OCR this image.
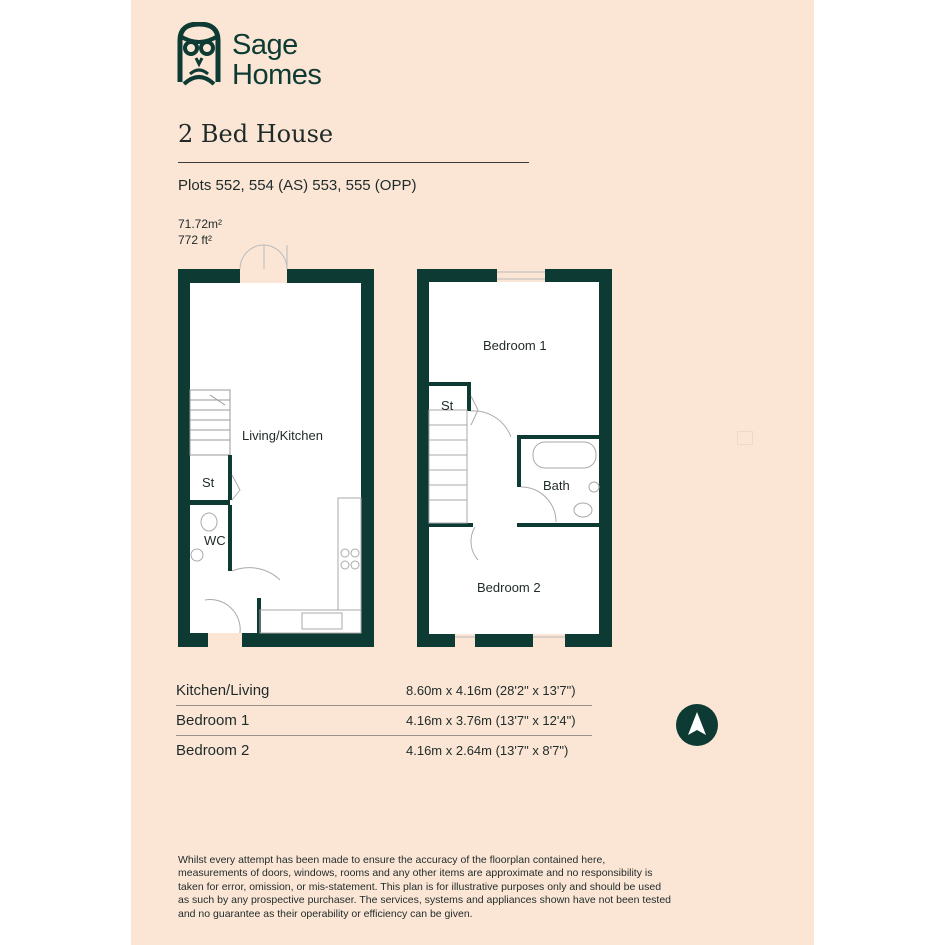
Sage
Homes
2 Bed House
Plots 552, 554 (AS) 553, 555 (OPP)
71.72m²
772 ft²
Living/Kitchen
St
WC
Bedroom 1
St
Bath
Bedroom 2
Kitchen/Living	8.60m x 4.16m (28'2" x 13'7")
Bedroom 1	4.16m x 3.76m (13'7" x 12'4")
Bedroom 2	4.16m x 2.64m (13'7" x 8'7")
Whilst every attempt has been made to ensure the accuracy of the floorplan contained here,
measurements of doors, windows, rooms and any other items are approximate and no responsibility is
taken for error, omission, or mis-statement. This plan is for illustrative purposes only and should be used
as such by any prospective purchaser. The services, systems and appliances shown have not been tested
and no guarantee as their operability or efficiency can be given.
